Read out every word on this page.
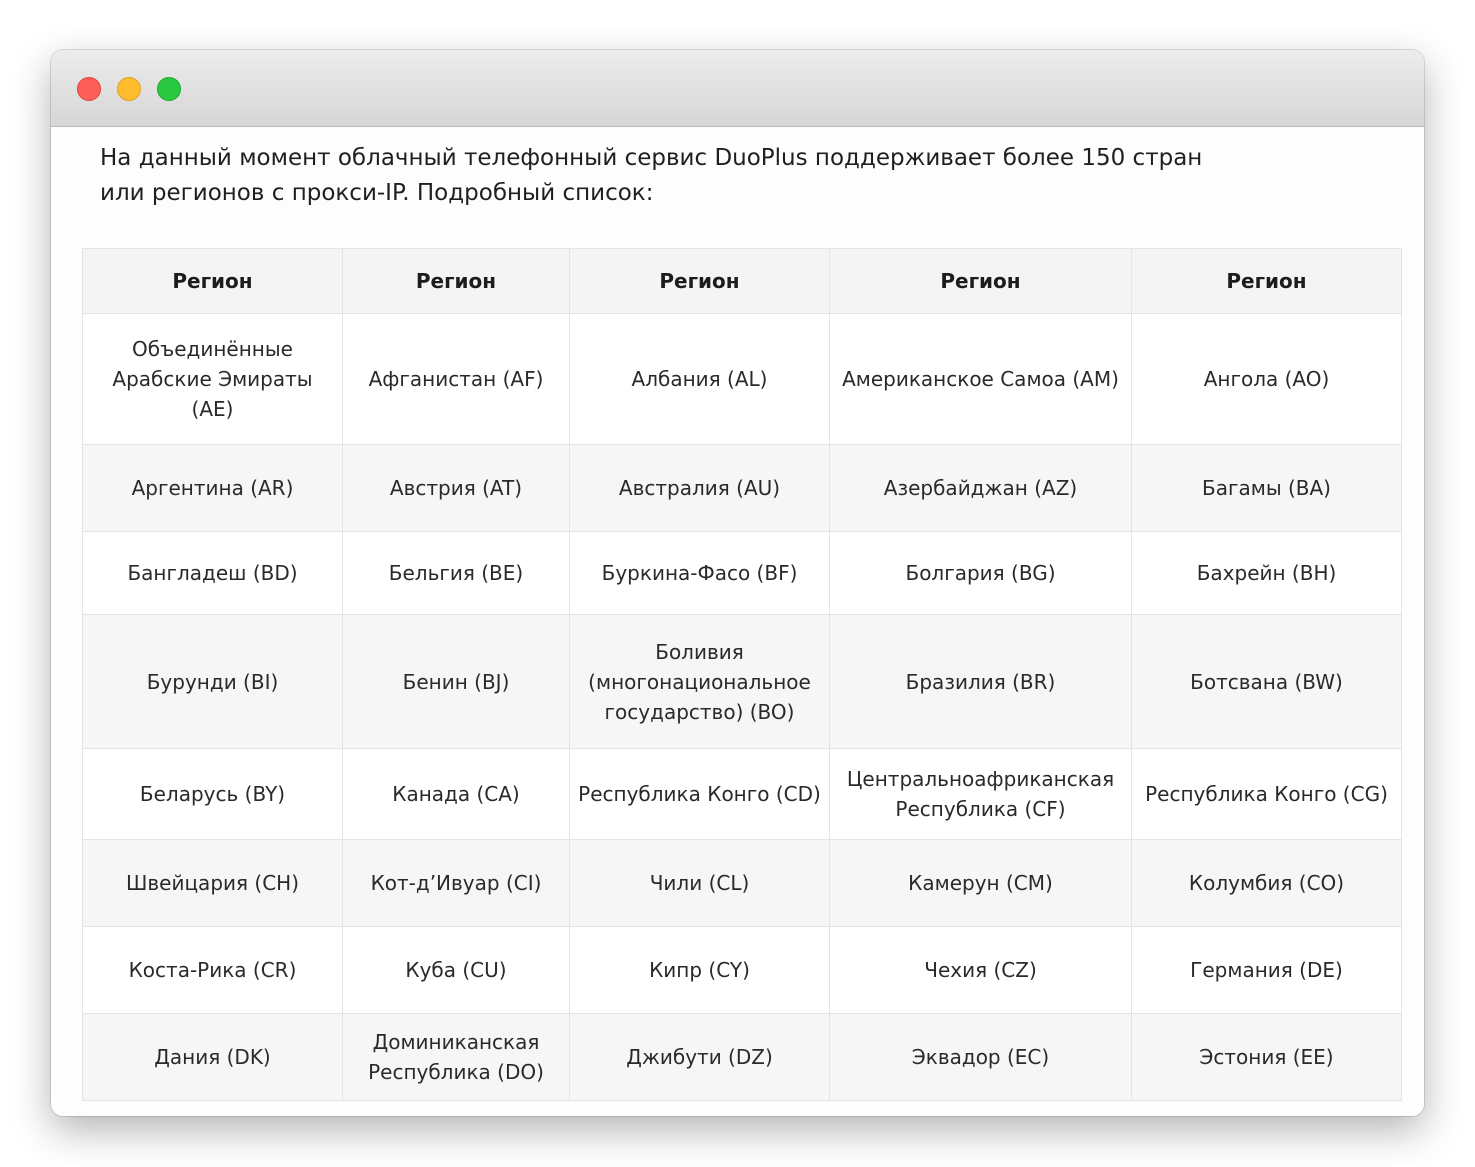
На данный момент облачный телефонный сервис DuoPlus поддерживает более 150 стран
или регионов с прокси-IP. Подробный список:

Регион	Регион	Регион	Регион	Регион
Объединённые Арабские Эмираты (AE)	Афганистан (AF)	Албания (AL)	Американское Самоа (AM)	Ангола (AO)
Аргентина (AR)	Австрия (AT)	Австралия (AU)	Азербайджан (AZ)	Багамы (BA)
Бангладеш (BD)	Бельгия (BE)	Буркина-Фасо (BF)	Болгария (BG)	Бахрейн (BH)
Бурунди (BI)	Бенин (BJ)	Боливия (многонациональное государство) (BO)	Бразилия (BR)	Ботсвана (BW)
Беларусь (BY)	Канада (CA)	Республика Конго (CD)	Центральноафриканская Республика (CF)	Республика Конго (CG)
Швейцария (CH)	Кот-д’Ивуар (CI)	Чили (CL)	Камерун (CM)	Колумбия (CO)
Коста-Рика (CR)	Куба (CU)	Кипр (CY)	Чехия (CZ)	Германия (DE)
Дания (DK)	Доминиканская Республика (DO)	Джибути (DZ)	Эквадор (EC)	Эстония (EE)
